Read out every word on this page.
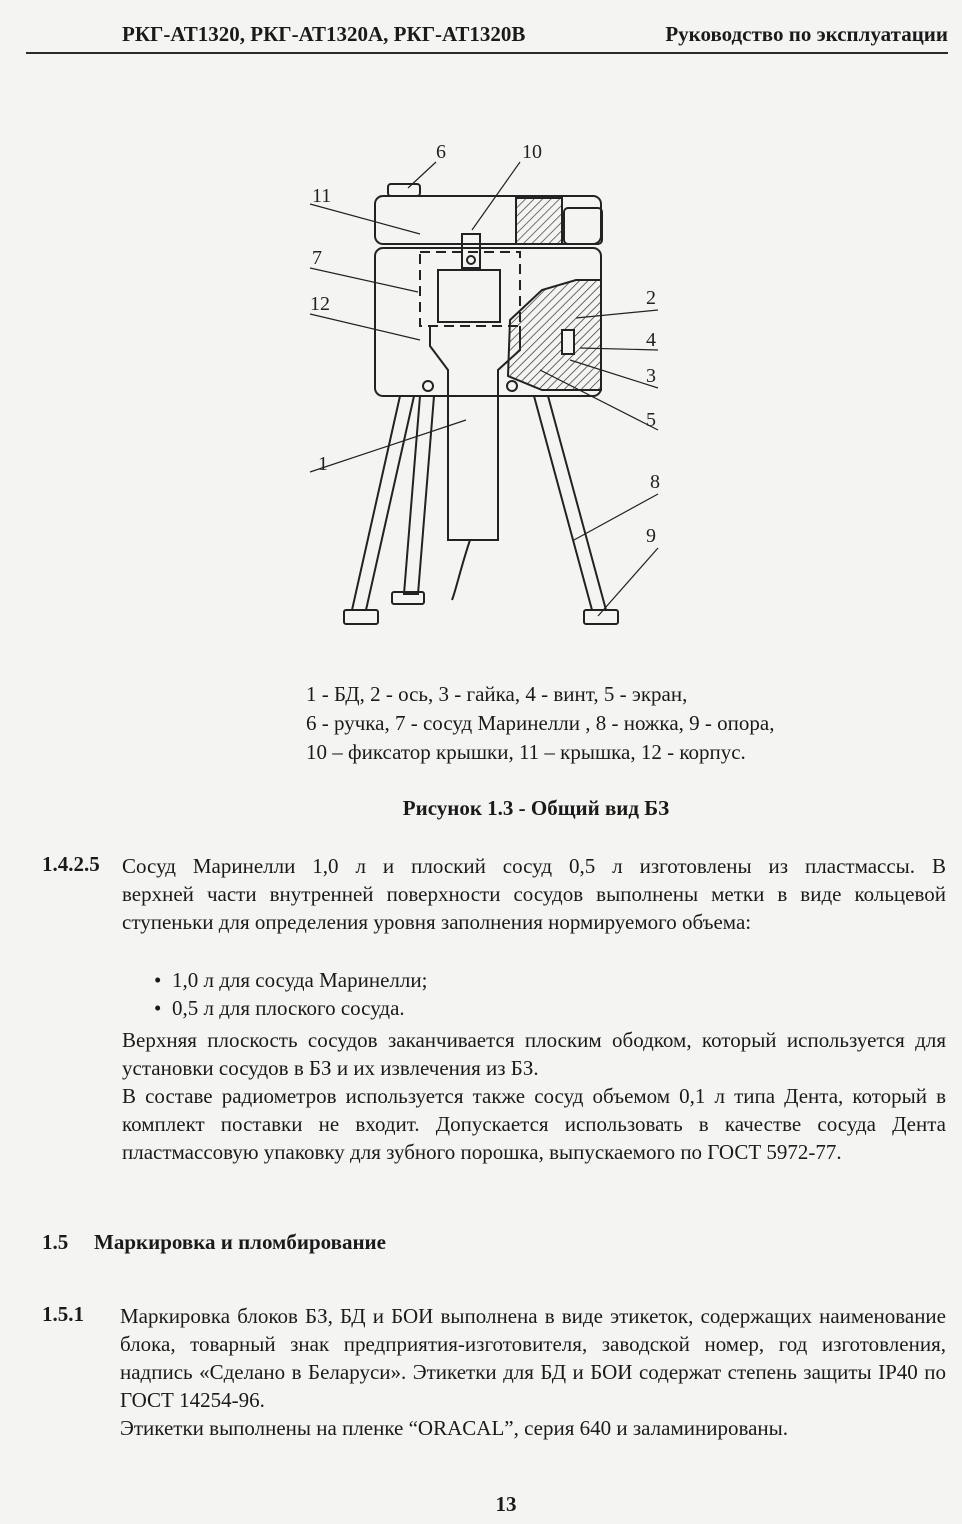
РКГ-АТ1320, РКГ-АТ1320А, РКГ-АТ1320В	Руководство по эксплуатации
6	10
11
7
12	2
4
3
5
1
8
9
1 - БД, 2 - ось, 3 - гайка, 4 - винт, 5 - экран,
6 - ручка, 7 - сосуд Маринелли , 8 - ножка, 9 - опора,
10 – фиксатор крышки, 11 – крышка, 12 - корпус.
Рисунок 1.3 - Общий вид БЗ
1.4.2.5 Сосуд Маринелли 1,0 л и плоский сосуд 0,5 л изготовлены из пластмассы. В
верхней части внутренней поверхности сосудов выполнены метки в виде кольцевой ступеньки для определения уровня заполнения нормируемого объема:
• 1,0 л для сосуда Маринелли;
• 0,5 л для плоского сосуда.
Верхняя плоскость сосудов заканчивается плоским ободком, который используется для установки сосудов в БЗ и их извлечения из БЗ.
В составе радиометров используется также сосуд объемом 0,1 л типа Дента, который в комплект поставки не входит. Допускается использовать в качестве сосуда Дента пластмассовую упаковку для зубного порошка, выпускаемого по ГОСТ 5972-77.
1.5 Маркировка и пломбирование
1.5.1 Маркировка блоков БЗ, БД и БОИ выполнена в виде этикеток, содержащих наименование блока, товарный знак предприятия-изготовителя, заводской номер, год изготовления, надпись «Сделано в Беларуси». Этикетки для БД и БОИ содержат степень защиты IP40 по ГОСТ 14254-96.
Этикетки выполнены на пленке “ORACAL”, серия 640 и заламинированы.
13
